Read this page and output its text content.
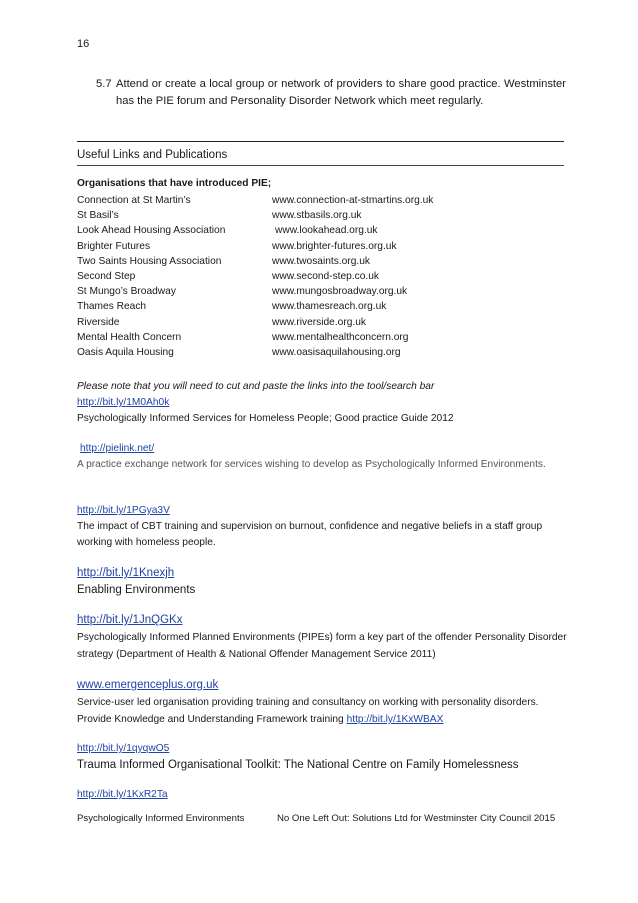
16
5.7 Attend or create a local group or network of providers to share good practice. Westminster has the PIE forum and Personality Disorder Network which meet regularly.
Useful Links and Publications
Organisations that have introduced PIE;
Connection at St Martin’s	www.connection-at-stmartins.org.uk
St Basil’s	www.stbasils.org.uk
Look Ahead Housing Association	www.lookahead.org.uk
Brighter Futures	www.brighter-futures.org.uk
Two Saints Housing Association	www.twosaints.org.uk
Second Step	www.second-step.co.uk
St Mungo’s Broadway	www.mungosbroadway.org.uk
Thames Reach	www.thamesreach.org.uk
Riverside	www.riverside.org.uk
Mental Health Concern	www.mentalhealthconcern.org
Oasis Aquila Housing	www.oasisaquilahousing.org
Please note that you will need to cut and paste the links into the tool/search bar
http://bit.ly/1M0Ah0k
Psychologically Informed Services for Homeless People; Good practice Guide 2012
http://pielink.net/
A practice exchange network for services wishing to develop as Psychologically Informed Environments.
http://bit.ly/1PGya3V
The impact of CBT training and supervision on burnout, confidence and negative beliefs in a staff group working with homeless people.
http://bit.ly/1Knexjh
Enabling Environments
http://bit.ly/1JnQGKx
Psychologically Informed Planned Environments (PIPEs) form a key part of the offender Personality Disorder strategy (Department of Health & National Offender Management Service 2011)
www.emergenceplus.org.uk
Service-user led organisation providing training and consultancy on working with personality disorders. Provide Knowledge and Understanding Framework training http://bit.ly/1KxWBAX
http://bit.ly/1qyqwO5
Trauma Informed Organisational Toolkit: The National Centre on Family Homelessness
http://bit.ly/1KxR2Ta
Psychologically Informed Environments	No One Left Out: Solutions Ltd for Westminster City Council 2015
